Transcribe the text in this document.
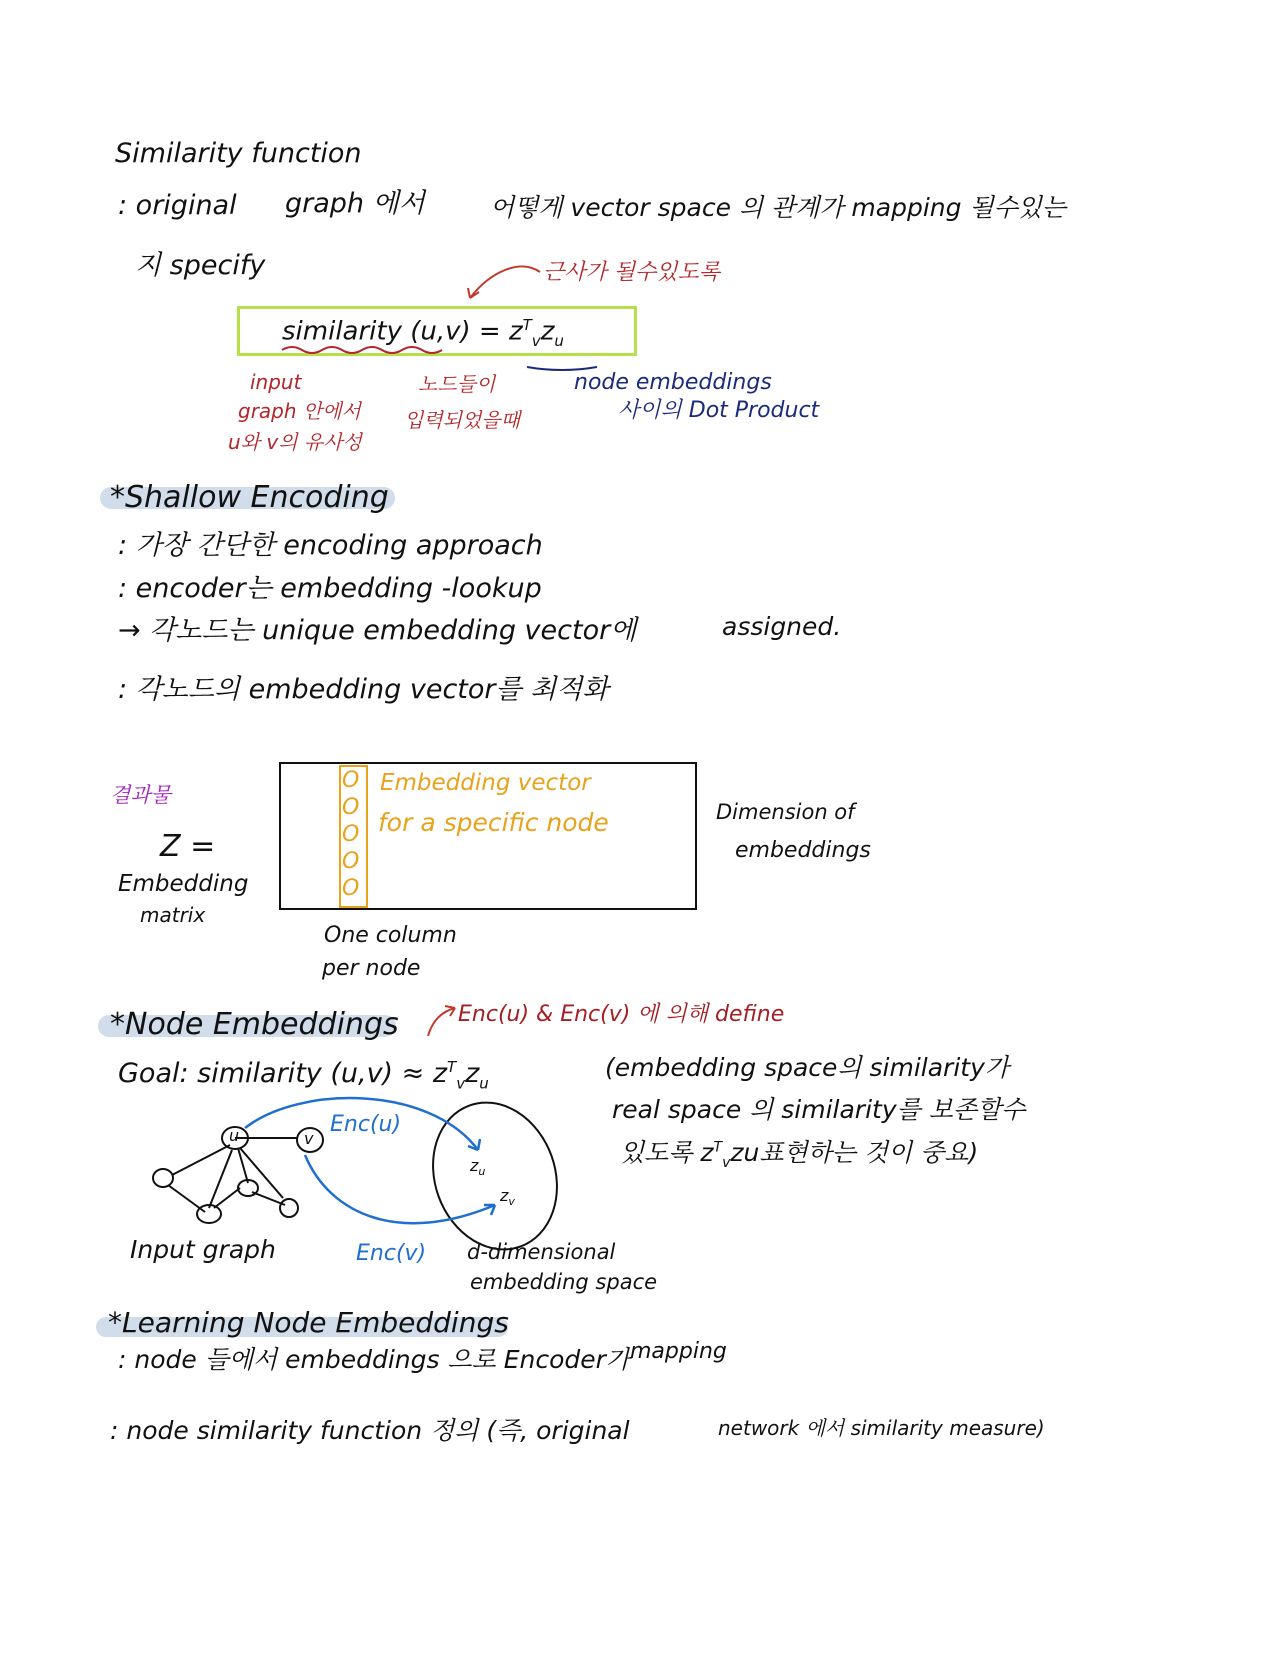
Similarity function
: original graph 에서	어떻게 vector space 의 관계가 mapping 될수있는
지 specify
similarity $(u,v) = z^T_vz_u$
근사가 될수있도록
input
graph 안에서
u와 v의 유사성
노드들이
입력되었을때
node embeddings
사이의 Dot Product
*Shallow Encoding
: 가장 간단한 encoding approach
: encoder는 embedding -lookup
→ 각노드는 unique embedding vector에	assigned.
: 각노드의 embedding vector를 최적화
결과물
Z =
Embedding
matrix
O
O
O
O
O
Embedding vector
for a specific node	Dimension of
embeddings
One column
per node
*Node Embeddings	Enc(u) & Enc(v) 에 의해 define
Goal: similarity $(u,v) \approx z^T_vz_u$
(embedding space의 similarity가
real space 의 similarity를 보존할수
있도록 $z^T_vzu$표현하는 것이 중요)
u	v
Enc(u)
Enc(v)
$z_u$
$z_v$
Input graph	d-dimensional
embedding space
*Learning Node Embeddings
: node 들에서 embeddings 으로 Encoder가 mapping
: node similarity function 정의 (즉, original	network 에서 similarity measure)
